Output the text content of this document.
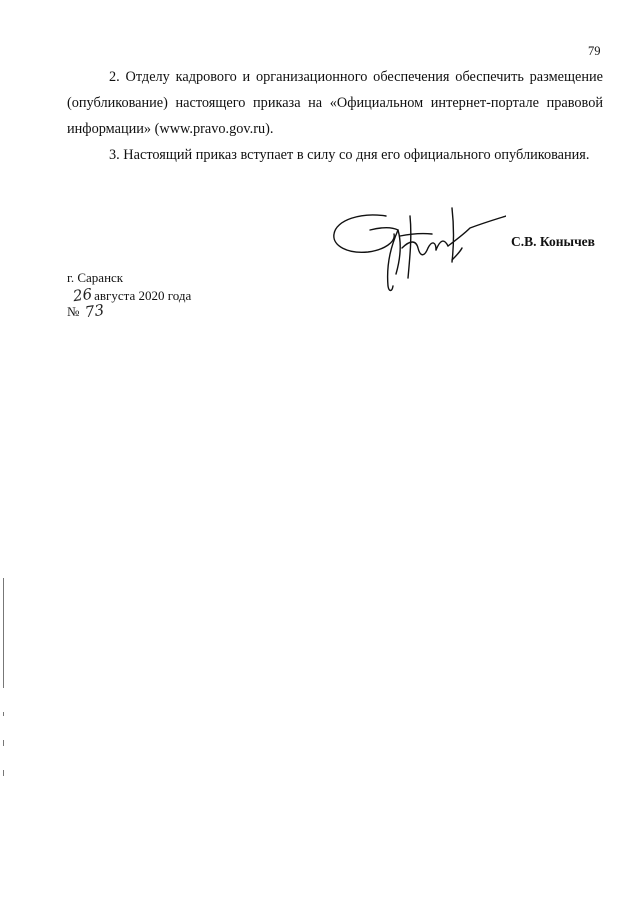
79

2. Отделу кадрового и организационного обеспечения обеспечить размещение (опубликование) настоящего приказа на «Официальном интернет-портале правовой информации» (www.pravo.gov.ru).

3. Настоящий приказ вступает в силу со дня его официального опубликования.

С.В. Конычев
г. Саранск
26августа 2020 года
№ 73
